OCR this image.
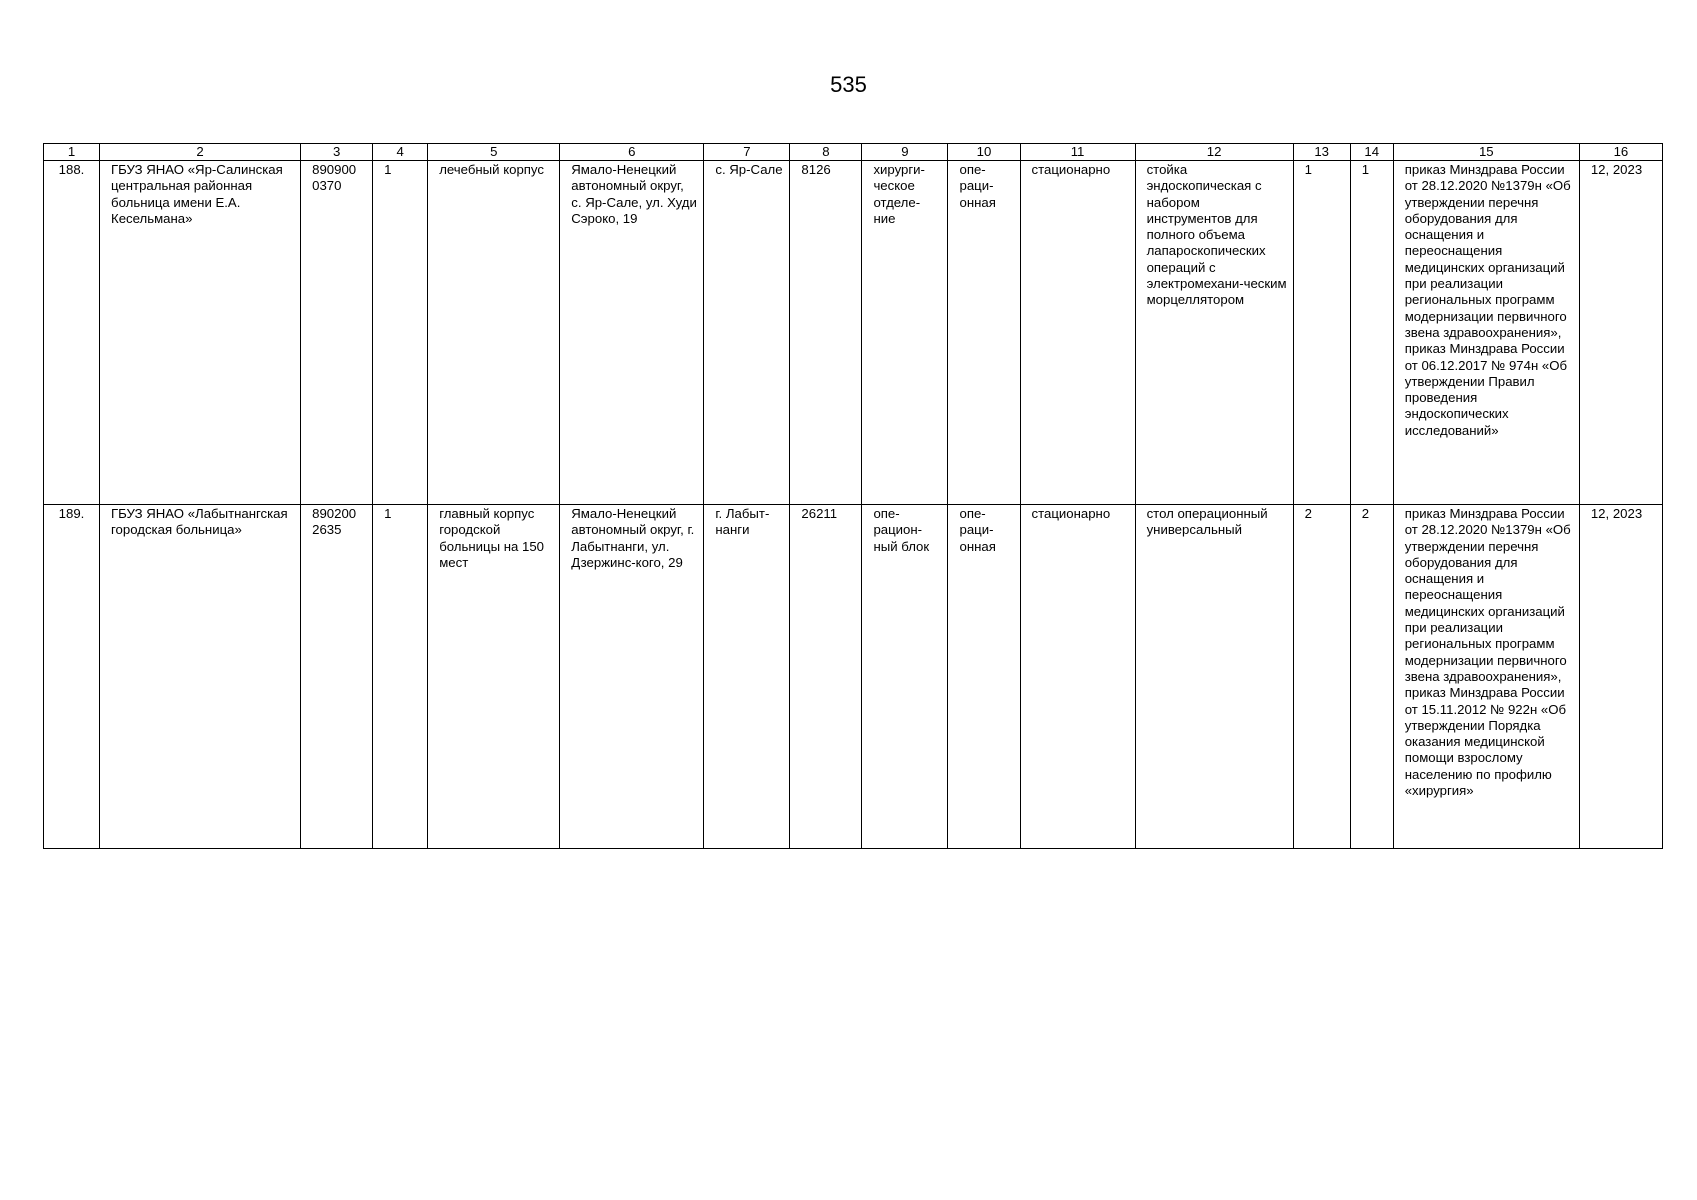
535
1	2	3	4	5	6	7	8	9	10	11	12	13	14	15	16
188.	ГБУЗ ЯНАО «Яр-Салинская центральная районная больница имени Е.А. Кесельмана»	890900 0370	1	лечебный корпус	Ямало-Ненецкий автономный округ, с. Яр-Сале, ул. Худи Сэроко, 19	с. Яр-Сале	8126	хирурги-ческое отделе-ние	опе-раци-онная	стационарно	стойка эндоскопическая с набором инструментов для полного объема лапароскопических операций с электромехани-ческим морцеллятором	1	1	приказ Минздрава России от 28.12.2020 №1379н «Об утверждении перечня оборудования для оснащения и переоснащения медицинских организаций при реализации региональных программ модернизации первичного звена здравоохранения», приказ Минздрава России от 06.12.2017 № 974н «Об утверждении Правил проведения эндоскопических исследований»	12, 2023
189.	ГБУЗ ЯНАО «Лабытнангская городская больница»	890200 2635	1	главный корпус городской больницы на 150 мест	Ямало-Ненецкий автономный округ, г. Лабытнанги, ул. Дзержинс-кого, 29	г. Лабыт-нанги	26211	опе-рацион-ный блок	опе-раци-онная	стационарно	стол операционный универсальный	2	2	приказ Минздрава России от 28.12.2020 №1379н «Об утверждении перечня оборудования для оснащения и переоснащения медицинских организаций при реализации региональных программ модернизации первичного звена здравоохранения», приказ Минздрава России от 15.11.2012 № 922н «Об утверждении Порядка оказания медицинской помощи взрослому населению по профилю «хирургия»	12, 2023
